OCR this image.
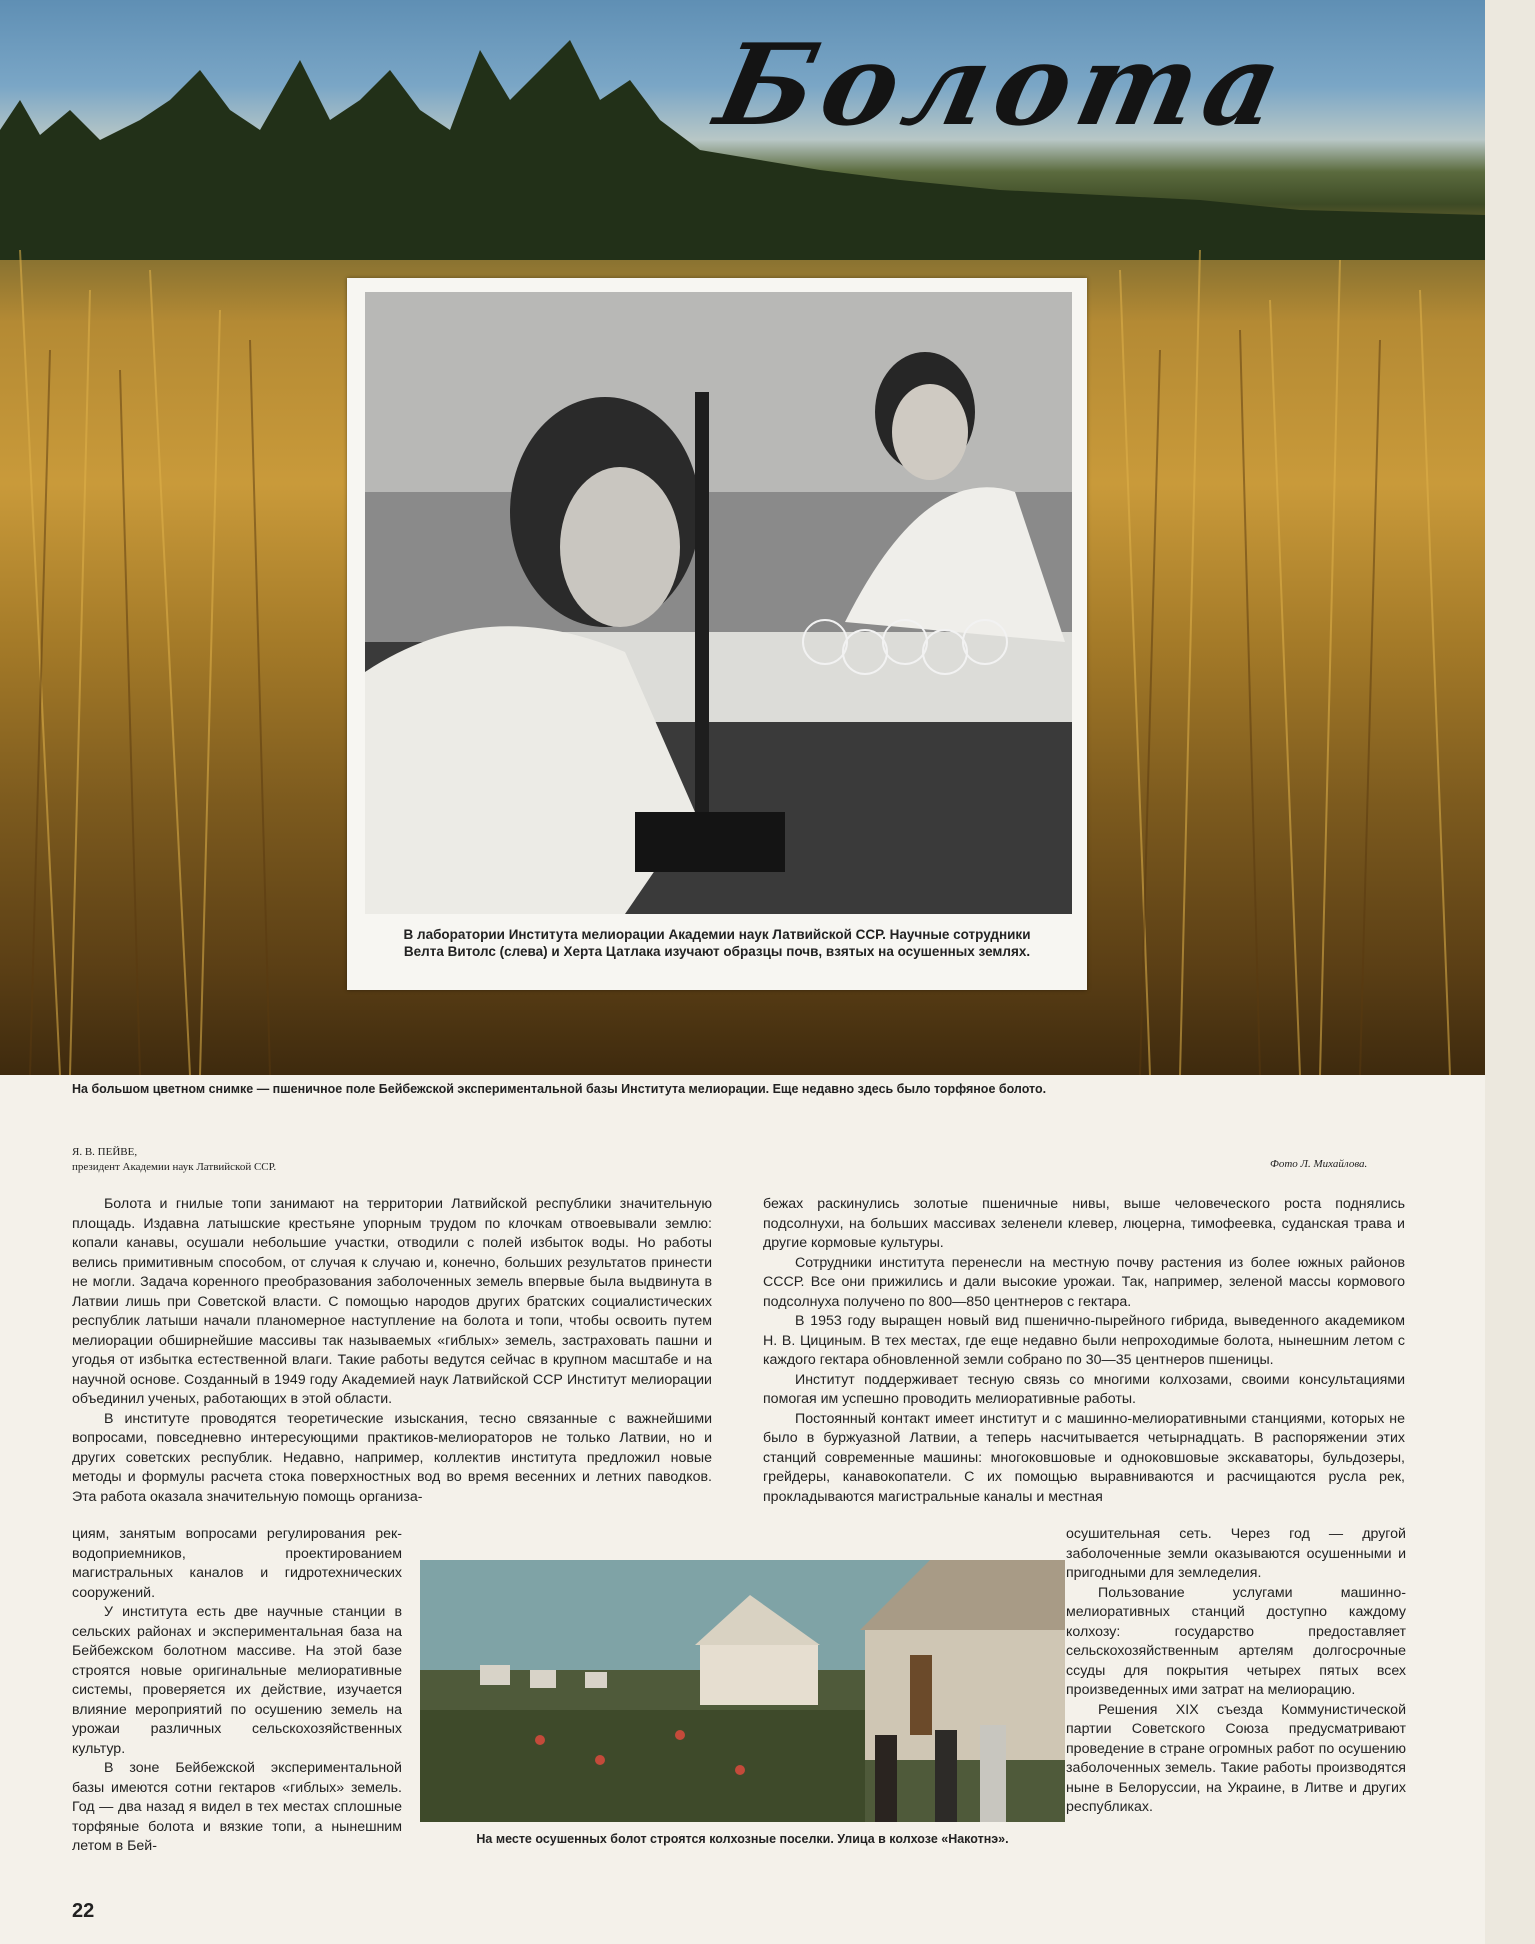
Болота
В лаборатории Института мелиорации Академии наук Латвийской ССР. Научные сотрудники Велта Витолс (слева) и Херта Цатлака изучают образцы почв, взятых на осушенных землях.
На большом цветном снимке — пшеничное поле Бейбежской экспериментальной базы Института мелиорации. Еще недавно здесь было торфяное болото.
Я. В. ПЕЙВЕ,
президент Академии наук Латвийской ССР.	Фото Л. Михайлова.

Болота и гнилые топи занимают на территории Латвийской республики значительную площадь. Издавна латышские крестьяне упорным трудом по клочкам отвоевывали землю: копали канавы, осушали небольшие участки, отводили с полей избыток воды. Но работы велись примитивным способом, от случая к случаю и, конечно, больших результатов принести не могли. Задача коренного преобразования заболоченных земель впервые была выдвинута в Латвии лишь при Советской власти. С помощью народов других братских социалистических республик латыши начали планомерное наступление на болота и топи, чтобы освоить путем мелиорации обширнейшие массивы так называемых «гиблых» земель, застраховать пашни и угодья от избытка естественной влаги. Такие работы ведутся сейчас в крупном масштабе и на научной основе. Созданный в 1949 году Академией наук Латвийской ССР Институт мелиорации объединил ученых, работающих в этой области.

В институте проводятся теоретические изыскания, тесно связанные с важнейшими вопросами, повседневно интересующими практиков-мелиораторов не только Латвии, но и других советских республик. Недавно, например, коллектив института предложил новые методы и формулы расчета стока поверхностных вод во время весенних и летних паводков. Эта работа оказала значительную помощь организа-

циям, занятым вопросами регулирования рек-водоприемников, проектированием магистральных каналов и гидротехнических сооружений.

У института есть две научные станции в сельских районах и экспериментальная база на Бейбежском болотном массиве. На этой базе строятся новые оригинальные мелиоративные системы, проверяется их действие, изучается влияние мероприятий по осушению земель на урожаи различных сельскохозяйственных культур.

В зоне Бейбежской экспериментальной базы имеются сотни гектаров «гиблых» земель. Год — два назад я видел в тех местах сплошные торфяные болота и вязкие топи, а нынешним летом в Бей-

бежах раскинулись золотые пшеничные нивы, выше человеческого роста поднялись подсолнухи, на больших массивах зеленели клевер, люцерна, тимофеевка, суданская трава и другие кормовые культуры.

Сотрудники института перенесли на местную почву растения из более южных районов СССР. Все они прижились и дали высокие урожаи. Так, например, зеленой массы кормового подсолнуха получено по 800—850 центнеров с гектара.

В 1953 году выращен новый вид пшенично-пырейного гибрида, выведенного академиком Н. В. Цициным. В тех местах, где еще недавно были непроходимые болота, нынешним летом с каждого гектара обновленной земли собрано по 30—35 центнеров пшеницы.

Институт поддерживает тесную связь со многими колхозами, своими консультациями помогая им успешно проводить мелиоративные работы.

Постоянный контакт имеет институт и с машинно-мелиоративными станциями, которых не было в буржуазной Латвии, а теперь насчитывается четырнадцать. В распоряжении этих станций современные машины: многоковшовые и одноковшовые экскаваторы, бульдозеры, грейдеры, канавокопатели. С их помощью выравниваются и расчищаются русла рек, прокладываются магистральные каналы и местная

осушительная сеть. Через год — другой заболоченные земли оказываются осушенными и пригодными для земледелия.

Пользование услугами машинно-мелиоративных станций доступно каждому колхозу: государство предоставляет сельскохозяйственным артелям долгосрочные ссуды для покрытия четырех пятых всех произведенных ими затрат на мелиорацию.

Решения XIX съезда Коммунистической партии Советского Союза предусматривают проведение в стране огромных работ по осушению заболоченных земель. Такие работы производятся ныне в Белоруссии, на Украине, в Литве и других республиках.

На месте осушенных болот строятся колхозные поселки. Улица в колхозе «Накотнэ».
22
